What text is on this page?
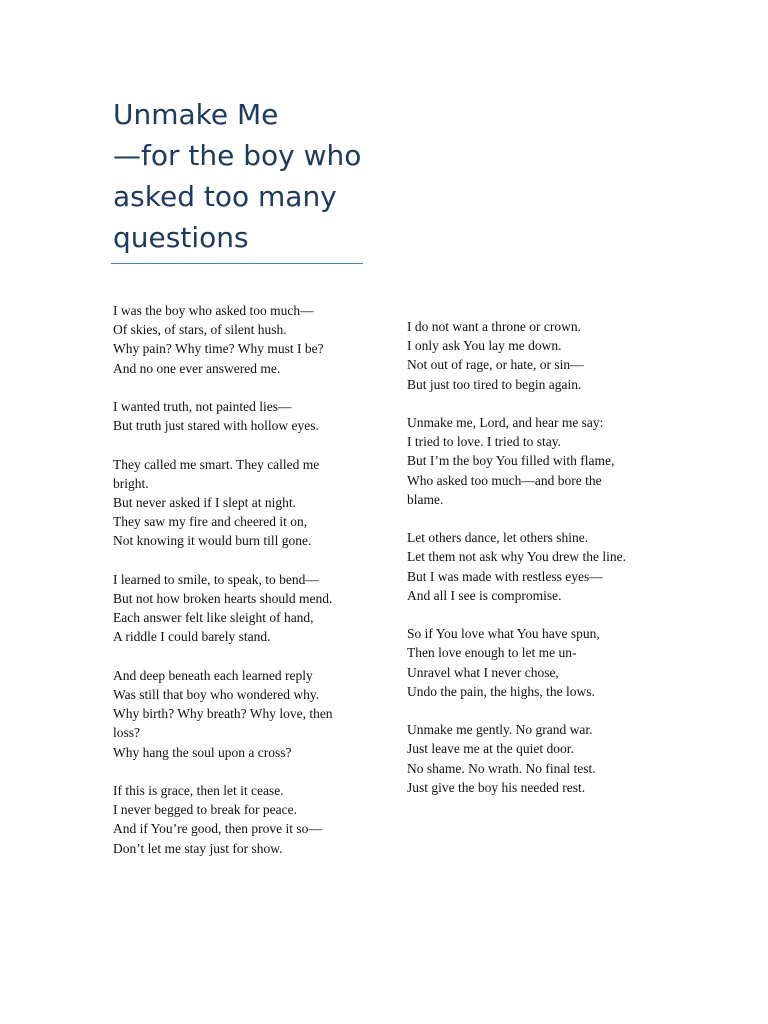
Unmake Me
—for the boy who
asked too many
questions
I was the boy who asked too much—
Of skies, of stars, of silent hush.
Why pain? Why time? Why must I be?
And no one ever answered me.
I wanted truth, not painted lies—
But truth just stared with hollow eyes.
They called me smart. They called me
bright.
But never asked if I slept at night.
They saw my fire and cheered it on,
Not knowing it would burn till gone.
I learned to smile, to speak, to bend—
But not how broken hearts should mend.
Each answer felt like sleight of hand,
A riddle I could barely stand.
And deep beneath each learned reply
Was still that boy who wondered why.
Why birth? Why breath? Why love, then
loss?
Why hang the soul upon a cross?
If this is grace, then let it cease.
I never begged to break for peace.
And if You’re good, then prove it so—
Don’t let me stay just for show.
I do not want a throne or crown.
I only ask You lay me down.
Not out of rage, or hate, or sin—
But just too tired to begin again.
Unmake me, Lord, and hear me say:
I tried to love. I tried to stay.
But I’m the boy You filled with flame,
Who asked too much—and bore the
blame.
Let others dance, let others shine.
Let them not ask why You drew the line.
But I was made with restless eyes—
And all I see is compromise.
So if You love what You have spun,
Then love enough to let me un-
Unravel what I never chose,
Undo the pain, the highs, the lows.
Unmake me gently. No grand war.
Just leave me at the quiet door.
No shame. No wrath. No final test.
Just give the boy his needed rest.
